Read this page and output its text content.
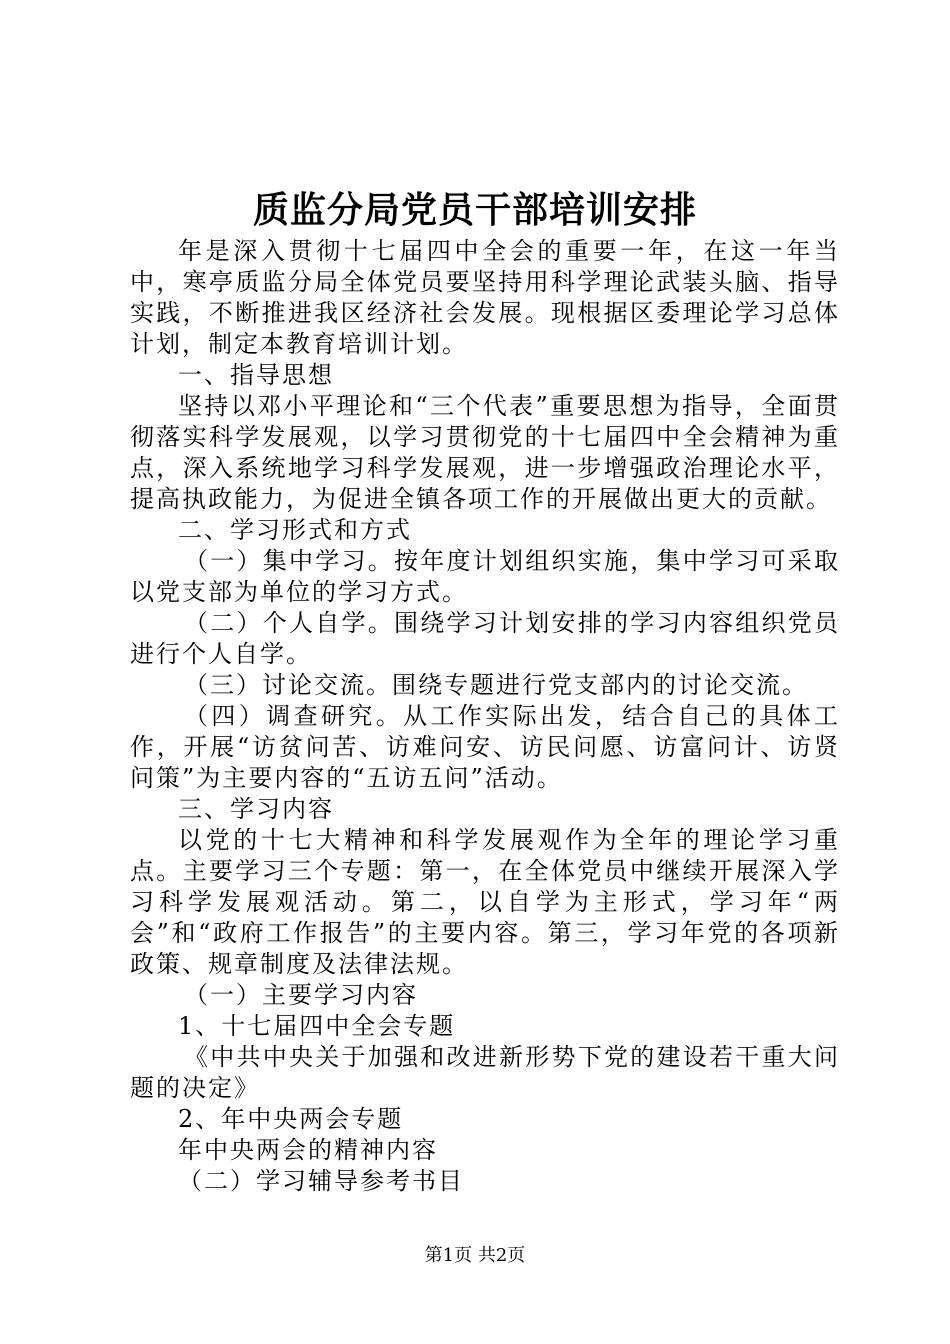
质监分局党员干部培训安排

年是深入贯彻十七届四中全会的重要一年，在这一年当中，寒亭质监分局全体党员要坚持用科学理论武装头脑、指导实践，不断推进我区经济社会发展。现根据区委理论学习总体计划，制定本教育培训计划。

一、指导思想

坚持以邓小平理论和“三个代表”重要思想为指导，全面贯彻落实科学发展观，以学习贯彻党的十七届四中全会精神为重点，深入系统地学习科学发展观，进一步增强政治理论水平，提高执政能力，为促进全镇各项工作的开展做出更大的贡献。

二、学习形式和方式

（一）集中学习。按年度计划组织实施，集中学习可采取以党支部为单位的学习方式。

（二）个人自学。围绕学习计划安排的学习内容组织党员进行个人自学。

（三）讨论交流。围绕专题进行党支部内的讨论交流。

（四）调查研究。从工作实际出发，结合自己的具体工作，开展“访贫问苦、访难问安、访民问愿、访富问计、访贤问策”为主要内容的“五访五问”活动。

三、学习内容

以党的十七大精神和科学发展观作为全年的理论学习重点。主要学习三个专题：第一，在全体党员中继续开展深入学习科学发展观活动。第二，以自学为主形式，学习年“两会”和“政府工作报告”的主要内容。第三，学习年党的各项新政策、规章制度及法律法规。

（一）主要学习内容

1、十七届四中全会专题

《中共中央关于加强和改进新形势下党的建设若干重大问题的决定》

2、年中央两会专题

年中央两会的精神内容

（二）学习辅导参考书目

第1页 共2页
